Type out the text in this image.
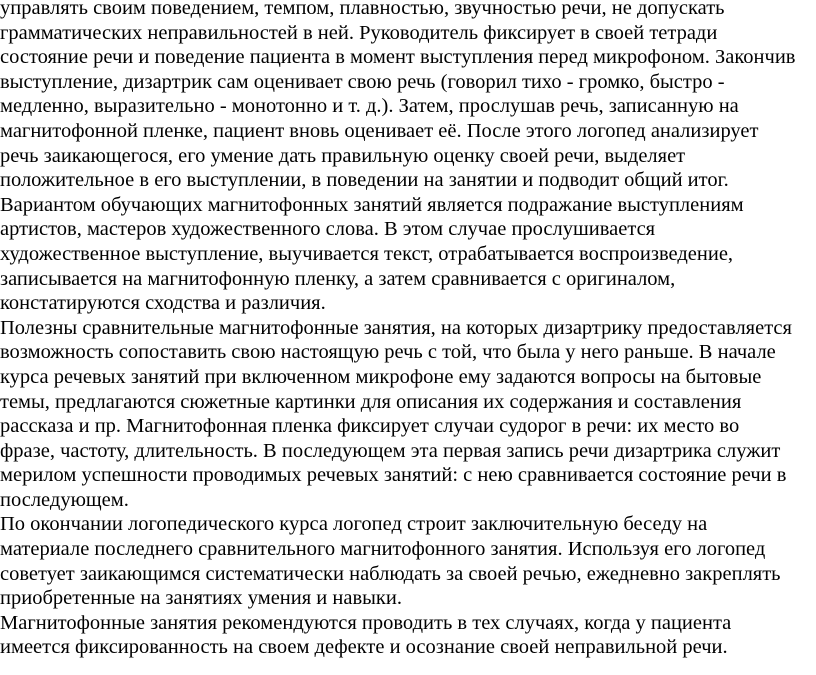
управлять своим поведением, темпом, плавностью, звучностью речи, не допускать
грамматических неправильностей в ней. Руководитель фиксирует в своей тетради
состояние речи и поведение пациента в момент выступления перед микрофоном. Закончив
выступление, дизартрик сам оценивает свою речь (говорил тихо - громко, быстро -
медленно, выразительно - монотонно и т. д.). Затем, прослушав речь, записанную на
магнитофонной пленке, пациент вновь оценивает её. После этого логопед анализирует
речь заикающегося, его умение дать правильную оценку своей речи, выделяет
положительное в его выступлении, в поведении на занятии и подводит общий итог.
Вариантом обучающих магнитофонных занятий является подражание выступлениям
артистов, мастеров художественного слова. В этом случае прослушивается
художественное выступление, выучивается текст, отрабатывается воспроизведение,
записывается на магнитофонную пленку, а затем сравнивается с оригиналом,
констатируются сходства и различия.
Полезны сравнительные магнитофонные занятия, на которых дизартрику предоставляется
возможность сопоставить свою настоящую речь с той, что была у него раньше. В начале
курса речевых занятий при включенном микрофоне ему задаются вопросы на бытовые
темы, предлагаются сюжетные картинки для описания их содержания и составления
рассказа и пр. Магнитофонная пленка фиксирует случаи судорог в речи: их место во
фразе, частоту, длительность. В последующем эта первая запись речи дизартрика служит
мерилом успешности проводимых речевых занятий: с нею сравнивается состояние речи в
последующем.
По окончании логопедического курса логопед строит заключительную беседу на
материале последнего сравнительного магнитофонного занятия. Используя его логопед
советует заикающимся систематически наблюдать за своей речью, ежедневно закреплять
приобретенные на занятиях умения и навыки.
Магнитофонные занятия рекомендуются проводить в тех случаях, когда у пациента
имеется фиксированность на своем дефекте и осознание своей неправильной речи.
